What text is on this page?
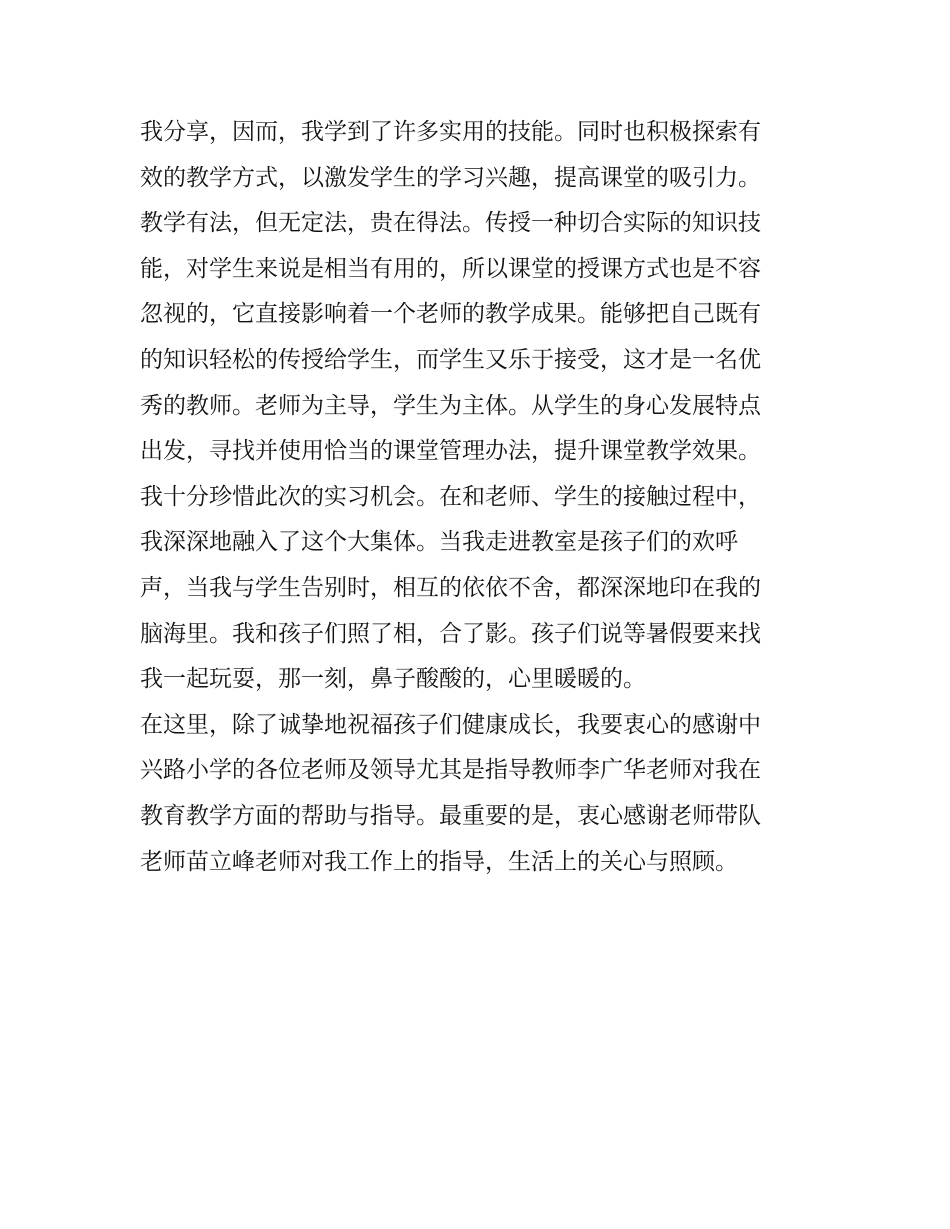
我分享，因而，我学到了许多实用的技能。同时也积极探索有
效的教学方式，以激发学生的学习兴趣，提高课堂的吸引力。
教学有法，但无定法，贵在得法。传授一种切合实际的知识技
能，对学生来说是相当有用的，所以课堂的授课方式也是不容
忽视的，它直接影响着一个老师的教学成果。能够把自己既有
的知识轻松的传授给学生，而学生又乐于接受，这才是一名优
秀的教师。老师为主导，学生为主体。从学生的身心发展特点
出发，寻找并使用恰当的课堂管理办法，提升课堂教学效果。
我十分珍惜此次的实习机会。在和老师、学生的接触过程中，
我深深地融入了这个大集体。当我走进教室是孩子们的欢呼
声，当我与学生告别时，相互的依依不舍，都深深地印在我的
脑海里。我和孩子们照了相，合了影。孩子们说等暑假要来找
我一起玩耍，那一刻，鼻子酸酸的，心里暖暖的。
在这里，除了诚挚地祝福孩子们健康成长，我要衷心的感谢中
兴路小学的各位老师及领导尤其是指导教师李广华老师对我在
教育教学方面的帮助与指导。最重要的是，衷心感谢老师带队
老师苗立峰老师对我工作上的指导，生活上的关心与照顾。
